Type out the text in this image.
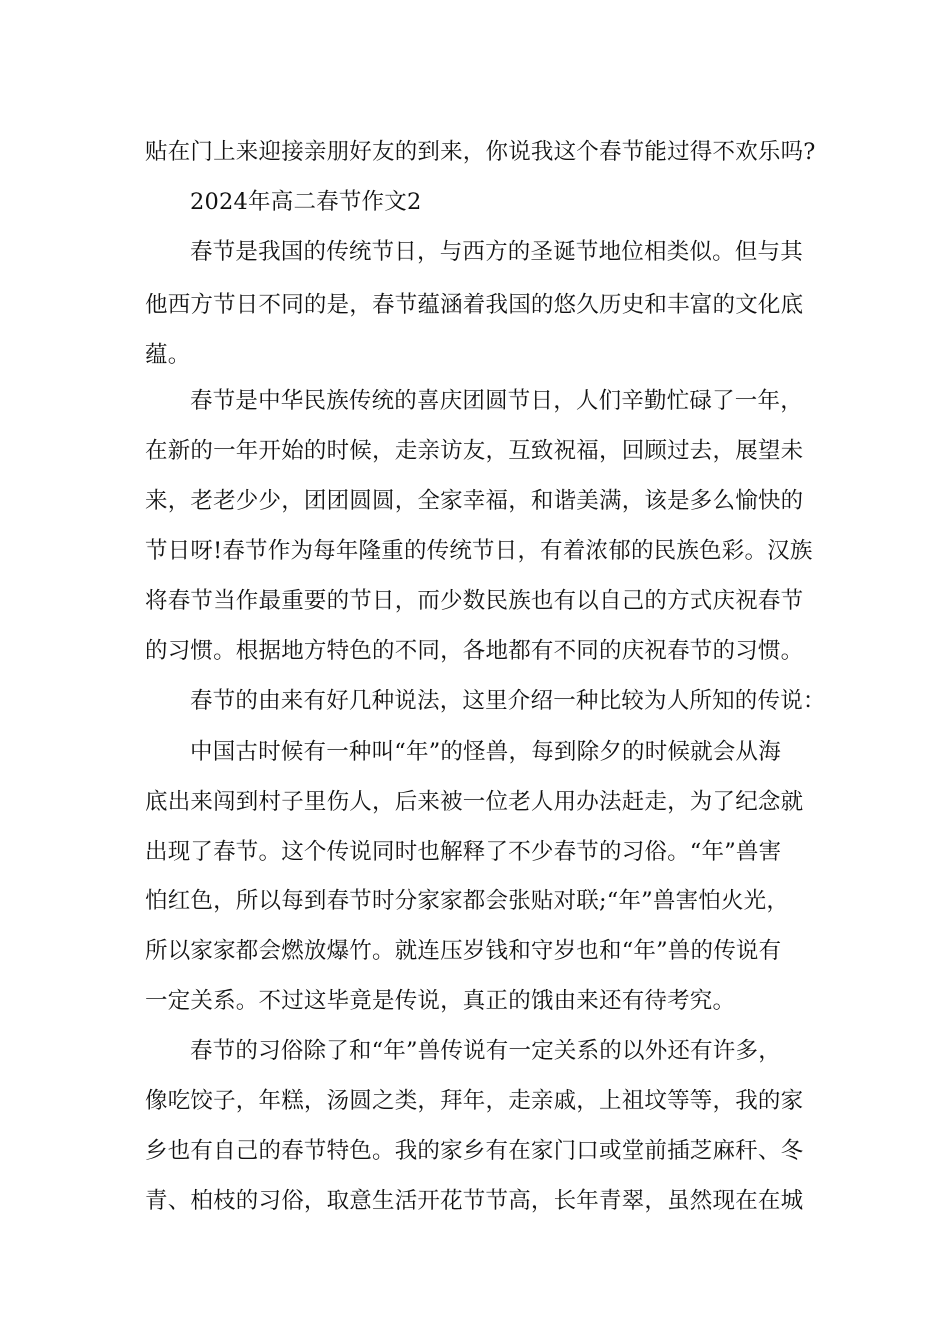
贴在门上来迎接亲朋好友的到来，你说我这个春节能过得不欢乐吗?
2024年高二春节作文2
春节是我国的传统节日，与西方的圣诞节地位相类似。但与其
他西方节日不同的是，春节蕴涵着我国的悠久历史和丰富的文化底
蕴。
春节是中华民族传统的喜庆团圆节日，人们辛勤忙碌了一年，
在新的一年开始的时候，走亲访友，互致祝福，回顾过去，展望未
来，老老少少，团团圆圆，全家幸福，和谐美满，该是多么愉快的
节日呀!春节作为每年隆重的传统节日，有着浓郁的民族色彩。汉族
将春节当作最重要的节日，而少数民族也有以自己的方式庆祝春节
的习惯。根据地方特色的不同，各地都有不同的庆祝春节的习惯。
春节的由来有好几种说法，这里介绍一种比较为人所知的传说：
中国古时候有一种叫“年”的怪兽，每到除夕的时候就会从海
底出来闯到村子里伤人，后来被一位老人用办法赶走，为了纪念就
出现了春节。这个传说同时也解释了不少春节的习俗。“年”兽害
怕红色，所以每到春节时分家家都会张贴对联;“年”兽害怕火光，
所以家家都会燃放爆竹。就连压岁钱和守岁也和“年”兽的传说有
一定关系。不过这毕竟是传说，真正的饿由来还有待考究。
春节的习俗除了和“年”兽传说有一定关系的以外还有许多，
像吃饺子，年糕，汤圆之类，拜年，走亲戚，上祖坟等等，我的家
乡也有自己的春节特色。我的家乡有在家门口或堂前插芝麻秆、冬
青、柏枝的习俗，取意生活开花节节高，长年青翠，虽然现在在城
